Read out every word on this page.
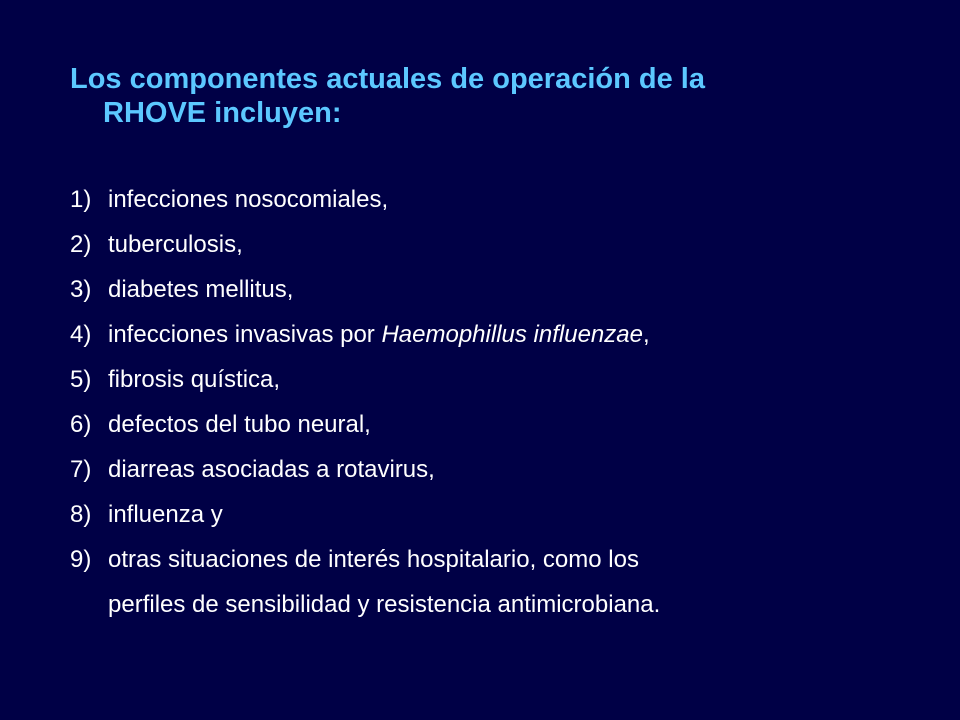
Los componentes actuales de operación de la
RHOVE incluyen:
1) infecciones nosocomiales,
2) tuberculosis,
3) diabetes mellitus,
4) infecciones invasivas por Haemophillus influenzae,
5) fibrosis quística,
6) defectos del tubo neural,
7) diarreas asociadas a rotavirus,
8) influenza y
9) otras situaciones de interés hospitalario, como los
perfiles de sensibilidad y resistencia antimicrobiana.
